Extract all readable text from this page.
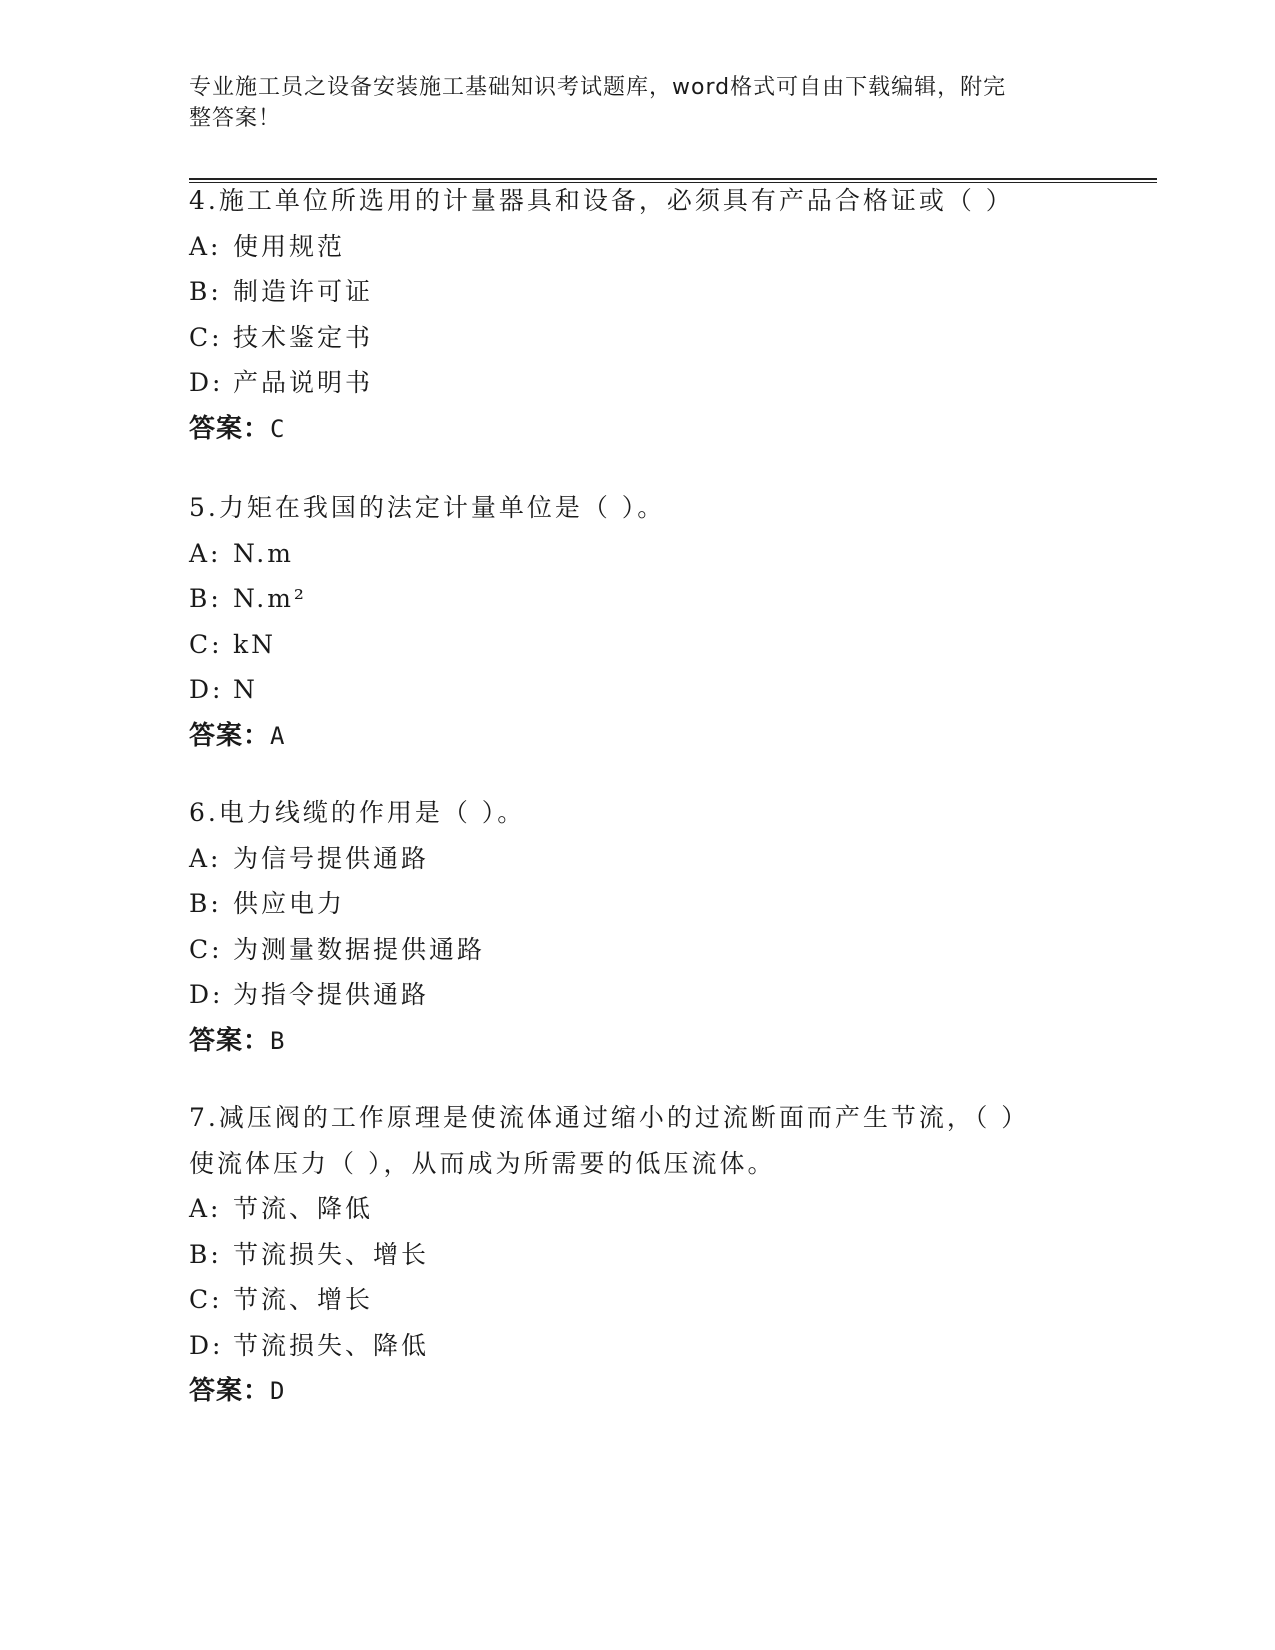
专业施工员之设备安装施工基础知识考试题库，word格式可自由下载编辑，附完
整答案！
4.施工单位所选用的计量器具和设备，必须具有产品合格证或（ ）
A: 使用规范
B: 制造许可证
C: 技术鉴定书
D: 产品说明书
答案：C
5.力矩在我国的法定计量单位是（ ）。
A: N.m
B: N.m²
C: kN
D: N
答案：A
6.电力线缆的作用是（ ）。
A: 为信号提供通路
B: 供应电力
C: 为测量数据提供通路
D: 为指令提供通路
答案：B
7.减压阀的工作原理是使流体通过缩小的过流断面而产生节流，（ ）
使流体压力（ ），从而成为所需要的低压流体。
A: 节流、降低
B: 节流损失、增长
C: 节流、增长
D: 节流损失、降低
答案：D
